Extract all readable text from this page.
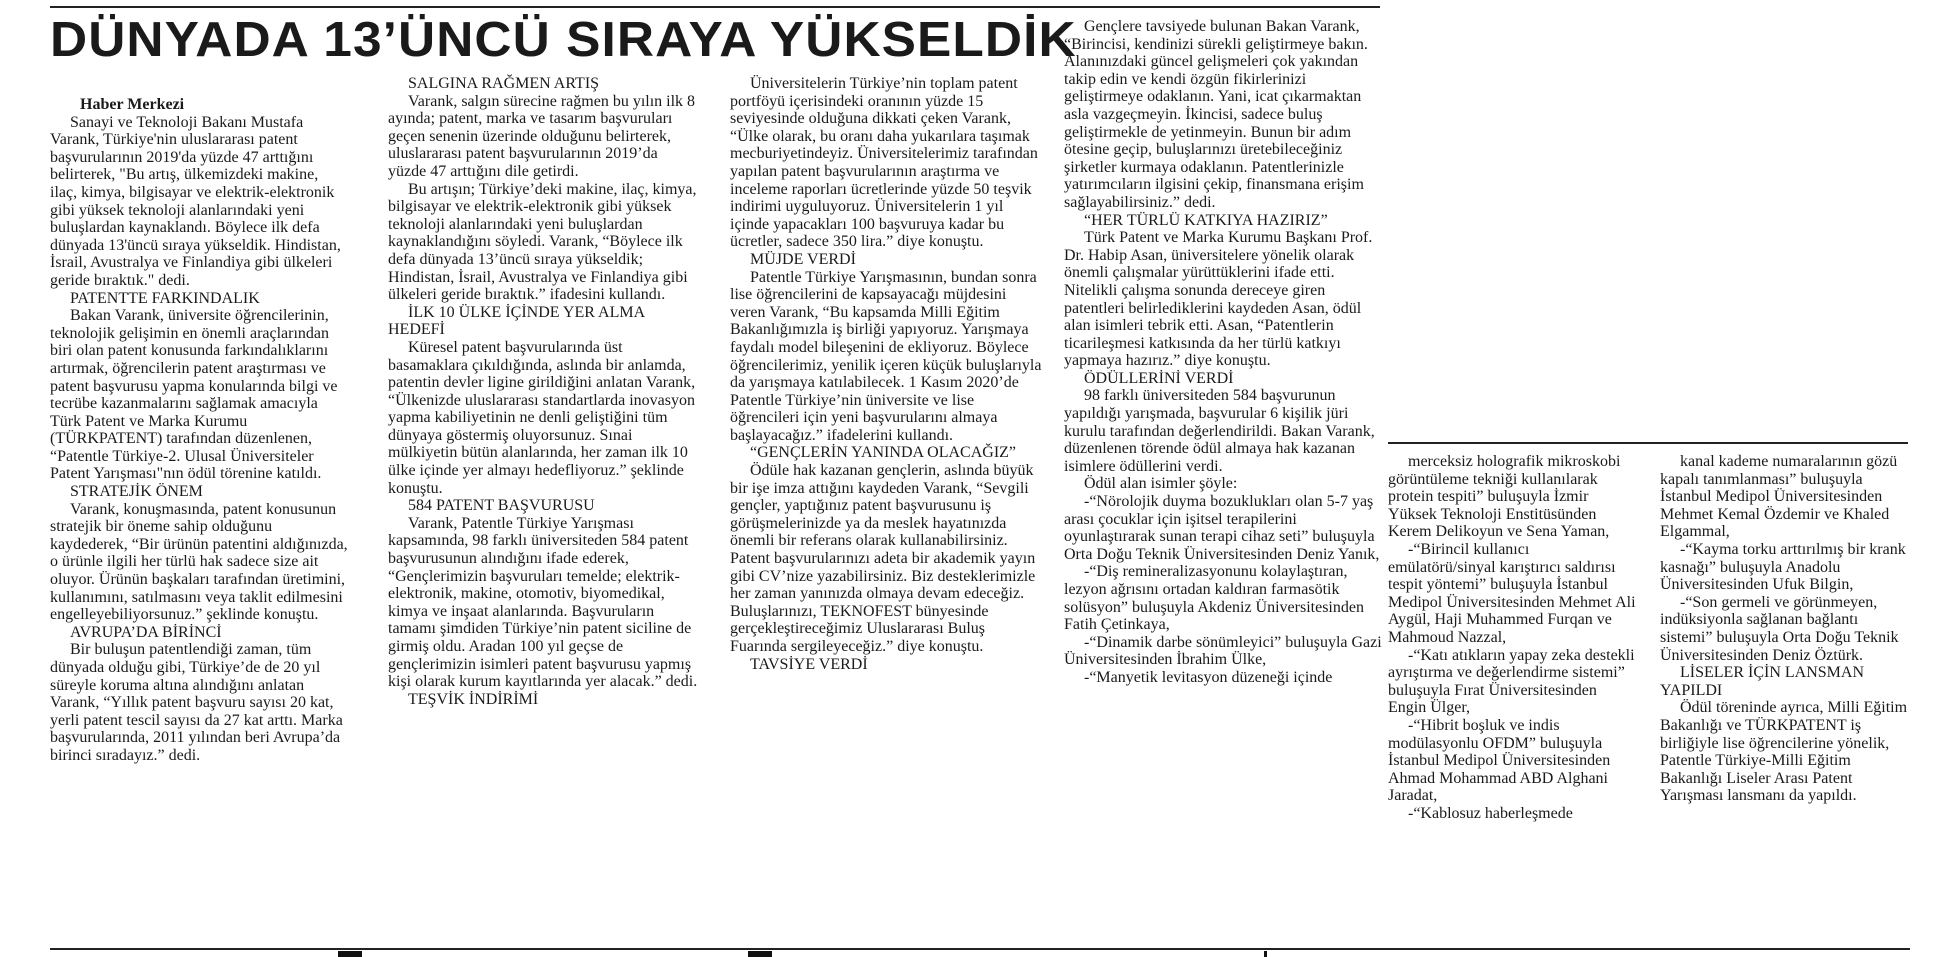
DÜNYADA 13’ÜNCÜ SIRAYA YÜKSELDİK

Haber Merkezi

Sanayi ve Teknoloji Bakanı Mustafa Varank, Türkiye'nin uluslararası patent başvurularının 2019'da yüzde 47 arttığını belirterek, "Bu artış, ülkemizdeki makine, ilaç, kimya, bilgisayar ve elektrik-elektronik gibi yüksek teknoloji alanlarındaki yeni buluşlardan kaynaklandı. Böylece ilk defa dünyada 13'üncü sıraya yükseldik. Hindistan, İsrail, Avustralya ve Finlandiya gibi ülkeleri geride bıraktık." dedi.

PATENTTE FARKINDALIK

Bakan Varank, üniversite öğrencilerinin, teknolojik gelişimin en önemli araçlarından biri olan patent konusunda farkındalıklarını artırmak, öğrencilerin patent araştırması ve patent başvurusu yapma konularında bilgi ve tecrübe kazanmalarını sağlamak amacıyla Türk Patent ve Marka Kurumu (TÜRKPATENT) tarafından düzenlenen, “Patentle Türkiye-2. Ulusal Üniversiteler Patent Yarışması"nın ödül törenine katıldı.

STRATEJİK ÖNEM

Varank, konuşmasında, patent konusunun stratejik bir öneme sahip olduğunu kaydederek, “Bir ürünün patentini aldığınızda, o ürünle ilgili her türlü hak sadece size ait oluyor. Ürünün başkaları tarafından üretimini, kullanımını, satılmasını veya taklit edilmesini engelleyebiliyorsunuz.” şeklinde konuştu.

AVRUPA’DA BİRİNCİ

Bir buluşun patentlendiği zaman, tüm dünyada olduğu gibi, Türkiye’de de 20 yıl süreyle koruma altına alındığını anlatan Varank, “Yıllık patent başvuru sayısı 20 kat, yerli patent tescil sayısı da 27 kat arttı. Marka başvurularında, 2011 yılından beri Avrupa’da birinci sıradayız.” dedi.

SALGINA RAĞMEN ARTIŞ

Varank, salgın sürecine rağmen bu yılın ilk 8 ayında; patent, marka ve tasarım başvuruları geçen senenin üzerinde olduğunu belirterek, uluslararası patent başvurularının 2019’da yüzde 47 arttığını dile getirdi.

Bu artışın; Türkiye’deki makine, ilaç, kimya, bilgisayar ve elektrik-elektronik gibi yüksek teknoloji alanlarındaki yeni buluşlardan kaynaklandığını söyledi. Varank, “Böylece ilk defa dünyada 13’üncü sıraya yükseldik; Hindistan, İsrail, Avustralya ve Finlandiya gibi ülkeleri geride bıraktık.” ifadesini kullandı.

İLK 10 ÜLKE İÇİNDE YER ALMA HEDEFİ

Küresel patent başvurularında üst basamaklara çıkıldığında, aslında bir anlamda, patentin devler ligine girildiğini anlatan Varank, “Ülkenizde uluslararası standartlarda inovasyon yapma kabiliyetinin ne denli geliştiğini tüm dünyaya göstermiş oluyorsunuz. Sınai mülkiyetin bütün alanlarında, her zaman ilk 10 ülke içinde yer almayı hedefliyoruz.” şeklinde konuştu.

584 PATENT BAŞVURUSU

Varank, Patentle Türkiye Yarışması kapsamında, 98 farklı üniversiteden 584 patent başvurusunun alındığını ifade ederek, “Gençlerimizin başvuruları temelde; elektrik-elektronik, makine, otomotiv, biyomedikal, kimya ve inşaat alanlarında. Başvuruların tamamı şimdiden Türkiye’nin patent siciline de girmiş oldu. Aradan 100 yıl geçse de gençlerimizin isimleri patent başvurusu yapmış kişi olarak kurum kayıtlarında yer alacak.” dedi.

TEŞVİK İNDİRİMİ

Üniversitelerin Türkiye’nin toplam patent portföyü içerisindeki oranının yüzde 15 seviyesinde olduğuna dikkati çeken Varank, “Ülke olarak, bu oranı daha yukarılara taşımak mecburiyetindeyiz. Üniversitelerimiz tarafından yapılan patent başvurularının araştırma ve inceleme raporları ücretlerinde yüzde 50 teşvik indirimi uyguluyoruz. Üniversitelerin 1 yıl içinde yapacakları 100 başvuruya kadar bu ücretler, sadece 350 lira.” diye konuştu.

MÜJDE VERDİ

Patentle Türkiye Yarışmasının, bundan sonra lise öğrencilerini de kapsayacağı müjdesini veren Varank, “Bu kapsamda Milli Eğitim Bakanlığımızla iş birliği yapıyoruz. Yarışmaya faydalı model bileşenini de ekliyoruz. Böylece öğrencilerimiz, yenilik içeren küçük buluşlarıyla da yarışmaya katılabilecek. 1 Kasım 2020’de Patentle Türkiye’nin üniversite ve lise öğrencileri için yeni başvurularını almaya başlayacağız.” ifadelerini kullandı.

“GENÇLERİN YANINDA OLACAĞIZ”

Ödüle hak kazanan gençlerin, aslında büyük bir işe imza attığını kaydeden Varank, “Sevgili gençler, yaptığınız patent başvurusunu iş görüşmelerinizde ya da meslek hayatınızda önemli bir referans olarak kullanabilirsiniz. Patent başvurularınızı adeta bir akademik yayın gibi CV’nize yazabilirsiniz. Biz desteklerimizle her zaman yanınızda olmaya devam edeceğiz. Buluşlarınızı, TEKNOFEST bünyesinde gerçekleştireceğimiz Uluslararası Buluş Fuarında sergileyeceğiz.” diye konuştu.

TAVSİYE VERDİ

Gençlere tavsiyede bulunan Bakan Varank, “Birincisi, kendinizi sürekli geliştirmeye bakın. Alanınızdaki güncel gelişmeleri çok yakından takip edin ve kendi özgün fikirlerinizi geliştirmeye odaklanın. Yani, icat çıkarmaktan asla vazgeçmeyin. İkincisi, sadece buluş geliştirmekle de yetinmeyin. Bunun bir adım ötesine geçip, buluşlarınızı üretebileceğiniz şirketler kurmaya odaklanın. Patentlerinizle yatırımcıların ilgisini çekip, finansmana erişim sağlayabilirsiniz.” dedi.

“HER TÜRLÜ KATKIYA HAZIRIZ”

Türk Patent ve Marka Kurumu Başkanı Prof. Dr. Habip Asan, üniversitelere yönelik olarak önemli çalışmalar yürüttüklerini ifade etti. Nitelikli çalışma sonunda dereceye giren patentleri belirlediklerini kaydeden Asan, ödül alan isimleri tebrik etti. Asan, “Patentlerin ticarileşmesi katkısında da her türlü katkıyı yapmaya hazırız.” diye konuştu.

ÖDÜLLERİNİ VERDİ

98 farklı üniversiteden 584 başvurunun yapıldığı yarışmada, başvurular 6 kişilik jüri kurulu tarafından değerlendirildi. Bakan Varank, düzenlenen törende ödül almaya hak kazanan isimlere ödüllerini verdi.

Ödül alan isimler şöyle:

-“Nörolojik duyma bozuklukları olan 5-7 yaş arası çocuklar için işitsel terapilerini oyunlaştırarak sunan terapi cihaz seti” buluşuyla Orta Doğu Teknik Üniversitesinden Deniz Yanık,

-“Diş remineralizasyonunu kolaylaştıran, lezyon ağrısını ortadan kaldıran farmasötik solüsyon” buluşuyla Akdeniz Üniversitesinden Fatih Çetinkaya,

-“Dinamik darbe sönümleyici” buluşuyla Gazi Üniversitesinden İbrahim Ülke,

-“Manyetik levitasyon düzeneği içinde

merceksiz holografik mikroskobi görüntüleme tekniği kullanılarak protein tespiti” buluşuyla İzmir Yüksek Teknoloji Enstitüsünden Kerem Delikoyun ve Sena Yaman,

-“Birincil kullanıcı emülatörü/sinyal karıştırıcı saldırısı tespit yöntemi” buluşuyla İstanbul Medipol Üniversitesinden Mehmet Ali Aygül, Haji Muhammed Furqan ve Mahmoud Nazzal,

-“Katı atıkların yapay zeka destekli ayrıştırma ve değerlendirme sistemi” buluşuyla Fırat Üniversitesinden Engin Ülger,

-“Hibrit boşluk ve indis modülasyonlu OFDM” buluşuyla İstanbul Medipol Üniversitesinden Ahmad Mohammad ABD Alghani Jaradat,

-“Kablosuz haberleşmede

kanal kademe numaralarının gözü kapalı tanımlanması” buluşuyla İstanbul Medipol Üniversitesinden Mehmet Kemal Özdemir ve Khaled Elgammal,

-“Kayma torku arttırılmış bir krank kasnağı” buluşuyla Anadolu Üniversitesinden Ufuk Bilgin,

-“Son germeli ve görünmeyen, indüksiyonla sağlanan bağlantı sistemi” buluşuyla Orta Doğu Teknik Üniversitesinden Deniz Öztürk.

LİSELER İÇİN LANSMAN YAPILDI

Ödül töreninde ayrıca, Milli Eğitim Bakanlığı ve TÜRKPATENT iş birliğiyle lise öğrencilerine yönelik, Patentle Türkiye-Milli Eğitim Bakanlığı Liseler Arası Patent Yarışması lansmanı da yapıldı.
